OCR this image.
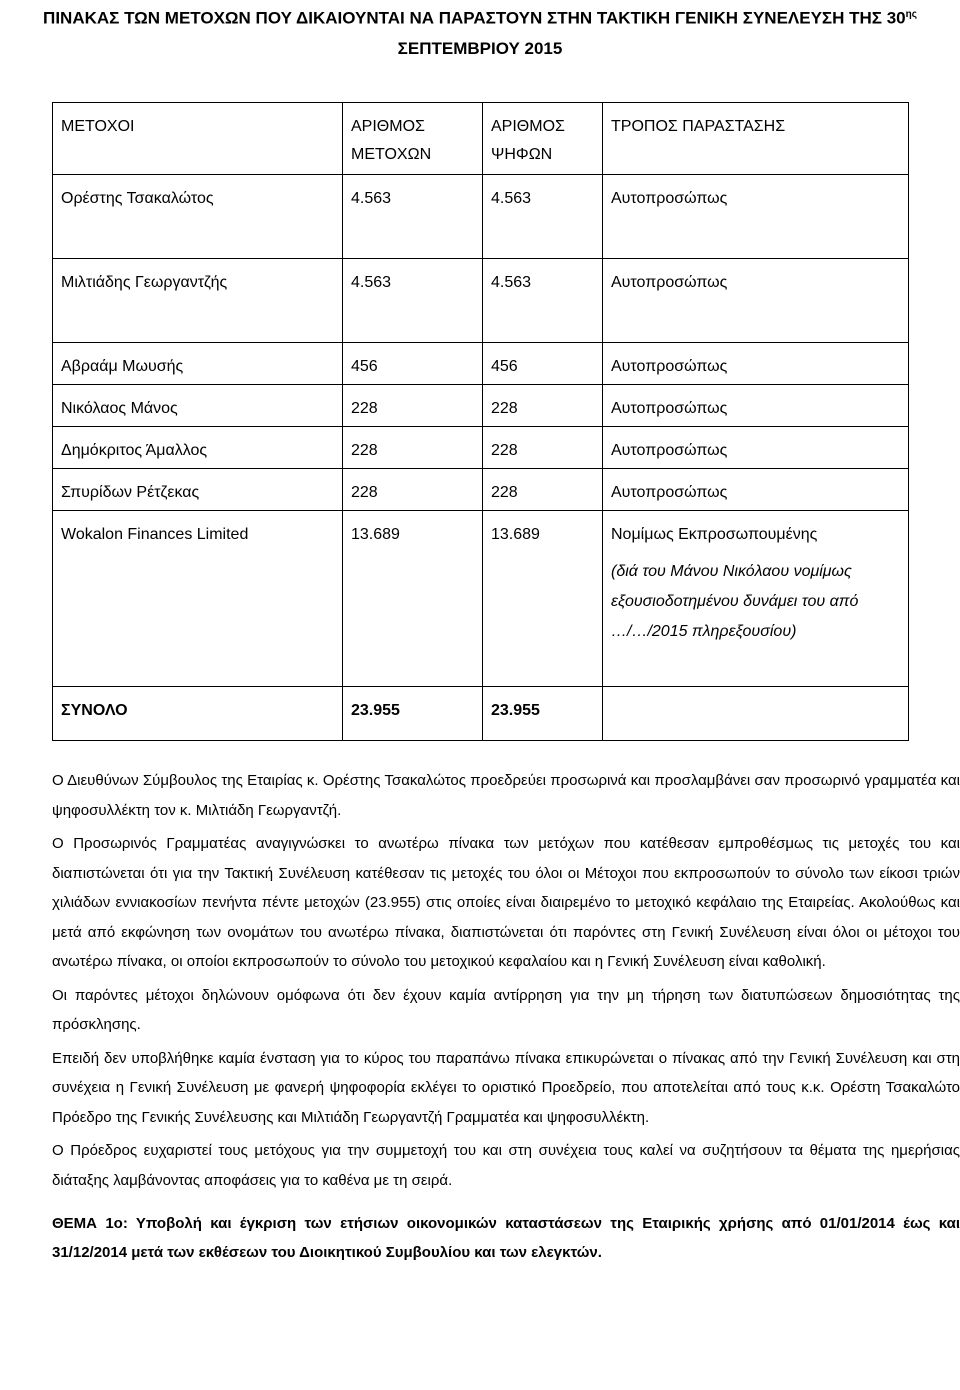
ΠΙΝΑΚΑΣ ΤΩΝ ΜΕΤΟΧΩΝ ΠΟΥ ΔΙΚΑΙΟΥΝΤΑΙ ΝΑ ΠΑΡΑΣΤΟΥΝ ΣΤΗΝ ΤΑΚΤΙΚΗ ΓΕΝΙΚΗ ΣΥΝΕΛΕΥΣΗ ΤΗΣ $30^{\eta\varsigma}$
ΣΕΠΤΕΜΒΡΙΟΥ 2015
ΜΕΤΟΧΟΙ	ΑΡΙΘΜΟΣ ΜΕΤΟΧΩΝ	ΑΡΙΘΜΟΣ ΨΗΦΩΝ	ΤΡΟΠΟΣ ΠΑΡΑΣΤΑΣΗΣ
Ορέστης Τσακαλώτος	4.563	4.563	Αυτοπροσώπως
Μιλτιάδης Γεωργαντζής	4.563	4.563	Αυτοπροσώπως
Αβραάμ Μωυσής	456	456	Αυτοπροσώπως
Νικόλαος Μάνος	228	228	Αυτοπροσώπως
Δημόκριτος Άμαλλος	228	228	Αυτοπροσώπως
Σπυρίδων Ρέτζεκας	228	228	Αυτοπροσώπως
Wokalon Finances Limited	13.689	13.689	Νομίμως Εκπροσωπουμένης
(διά του Μάνου Νικόλαου νομίμως εξουσιοδοτημένου δυνάμει του από …/…/2015 πληρεξουσίου)

ΣΥΝΟΛΟ	23.955	23.955	

Ο Διευθύνων Σύμβουλος της Εταιρίας κ. Ορέστης Τσακαλώτος προεδρεύει προσωρινά και προσλαμβάνει σαν προσωρινό γραμματέα και ψηφοσυλλέκτη τον κ. Μιλτιάδη Γεωργαντζή.

Ο Προσωρινός Γραμματέας αναγιγνώσκει το ανωτέρω πίνακα των μετόχων που κατέθεσαν εμπροθέσμως τις μετοχές του και διαπιστώνεται ότι για την Τακτική Συνέλευση κατέθεσαν τις μετοχές του όλοι οι Μέτοχοι που εκπροσωπούν το σύνολο των είκοσι τριών χιλιάδων εννιακοσίων πενήντα πέντε μετοχών (23.955) στις οποίες είναι διαιρεμένο το μετοχικό κεφάλαιο της Εταιρείας. Ακολούθως και μετά από εκφώνηση των ονομάτων του ανωτέρω πίνακα, διαπιστώνεται ότι παρόντες στη Γενική Συνέλευση είναι όλοι οι μέτοχοι του ανωτέρω πίνακα, οι οποίοι εκπροσωπούν το σύνολο του μετοχικού κεφαλαίου και η Γενική Συνέλευση είναι καθολική.

Οι παρόντες μέτοχοι δηλώνουν ομόφωνα ότι δεν έχουν καμία αντίρρηση για την μη τήρηση των διατυπώσεων δημοσιότητας της πρόσκλησης.

Επειδή δεν υποβλήθηκε καμία ένσταση για το κύρος του παραπάνω πίνακα επικυρώνεται ο πίνακας από την Γενική Συνέλευση και στη συνέχεια η Γενική Συνέλευση με φανερή ψηφοφορία εκλέγει το οριστικό Προεδρείο, που αποτελείται από τους κ.κ. Ορέστη Τσακαλώτο Πρόεδρο της Γενικής Συνέλευσης και Μιλτιάδη Γεωργαντζή Γραμματέα και ψηφοσυλλέκτη.

Ο Πρόεδρος ευχαριστεί τους μετόχους για την συμμετοχή του και στη συνέχεια τους καλεί να συζητήσουν τα θέματα της ημερήσιας διάταξης λαμβάνοντας αποφάσεις για το καθένα με τη σειρά.

ΘΕΜΑ 1ο: Υποβολή και έγκριση των ετήσιων οικονομικών καταστάσεων της Εταιρικής χρήσης από 01/01/2014 έως και 31/12/2014 μετά των εκθέσεων του Διοικητικού Συμβουλίου και των ελεγκτών.
